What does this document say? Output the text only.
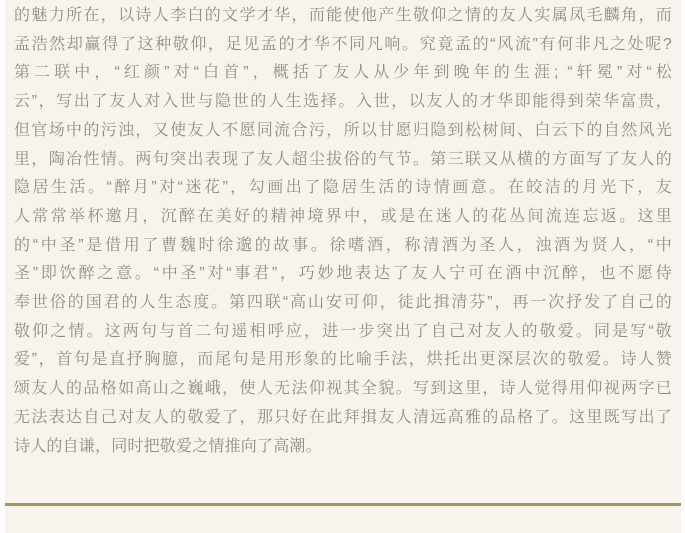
的魅力所在，以诗人李白的文学才华，而能使他产生敬仰之情的友人实属凤毛麟角，而
孟浩然却赢得了这种敬仰，足见孟的才华不同凡响。究竟孟的“风流”有何非凡之处呢?
第二联中，“红颜”对“白首”，概括了友人从少年到晚年的生涯; “轩冕”对“松
云”，写出了友人对入世与隐世的人生选择。入世，以友人的才华即能得到荣华富贵，
但官场中的污浊，又使友人不愿同流合污，所以甘愿归隐到松树间、白云下的自然风光
里，陶冶性情。两句突出表现了友人超尘拔俗的气节。第三联又从横的方面写了友人的
隐居生活。“醉月”对“迷花”，勾画出了隐居生活的诗情画意。在皎洁的月光下，友
人常常举杯邀月，沉醉在美好的精神境界中，或是在迷人的花丛间流连忘返。这里
的“中圣”是借用了曹魏时徐邈的故事。徐嗜酒，称清酒为圣人，浊酒为贤人，“中
圣”即饮醉之意。“中圣”对“事君”，巧妙地表达了友人宁可在酒中沉醉，也不愿侍
奉世俗的国君的人生态度。第四联“高山安可仰，徒此揖清芬”，再一次抒发了自己的
敬仰之情。这两句与首二句遥相呼应，进一步突出了自己对友人的敬爱。同是写“敬
爱”，首句是直抒胸臆，而尾句是用形象的比喻手法，烘托出更深层次的敬爱。诗人赞
颂友人的品格如高山之巍峨，使人无法仰视其全貌。写到这里，诗人觉得用仰视两字已
无法表达自己对友人的敬爱了，那只好在此拜揖友人清远高雅的品格了。这里既写出了
诗人的自谦，同时把敬爱之情推向了高潮。
